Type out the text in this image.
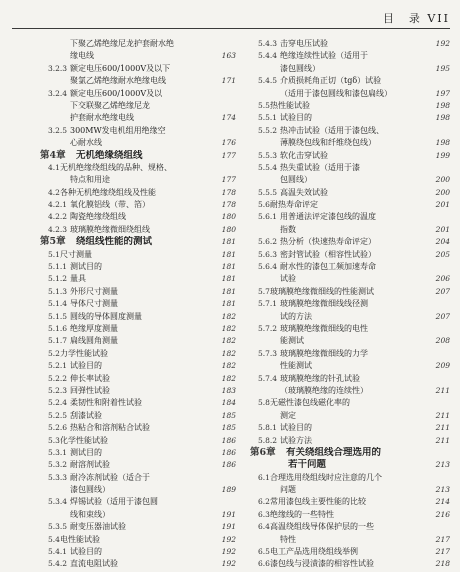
目　录 VII
下聚乙烯绝缘尼龙护套耐水绝
缘电线	163
3.2.3 额定电压600/1000V及以下
聚氯乙烯绝缘耐水绝缘电线	171
3.2.4 额定电压600/1000V及以
下交联聚乙烯绝缘尼龙
护套耐水绝缘电线	174
3.2.5 300MW发电机组用绝缘空
心耐水线	176
第4章 无机绝缘绕组线	177
4.1 无机绝缘绕组线的品种、规格、
特点和用途	177
4.2 各种无机绝缘绕组线及性能	178
4.2.1 氧化膜铝线（带、箔）	178
4.2.2 陶瓷绝缘绕组线	180
4.2.3 玻璃膜绝缘微细绕组线	180
第5章 绕组线性能的测试	181
5.1 尺寸测量	181
5.1.1 测试目的	181
5.1.2 量具	181
5.1.3 外形尺寸测量	181
5.1.4 导体尺寸测量	181
5.1.5 圆线的导体圆度测量	182
5.1.6 绝缘厚度测量	182
5.1.7 扁线圆角测量	182
5.2 力学性能试验	182
5.2.1 试验目的	182
5.2.2 伸长率试验	182
5.2.3 回弹性试验	183
5.2.4 柔韧性和附着性试验	184
5.2.5 刮漆试验	185
5.2.6 热粘合和溶剂粘合试验	185
5.3 化学性能试验	186
5.3.1 测试目的	186
5.3.2 耐溶剂试验	186
5.3.3 耐冷冻剂试验（适合于
漆包圆线）	189
5.3.4 焊锡试验（适用于漆包圆
线和束线）	191
5.3.5 耐变压器油试验	191
5.4 电性能试验	192
5.4.1 试验目的	192
5.4.2 直流电阻试验	192
5.4.3 击穿电压试验	192
5.4.4 绝缘连续性试验（适用于
漆包圆线）	195
5.4.5 介质损耗角正切（tgδ）试验
（适用于漆包圆线和漆包扁线）	197
5.5 热性能试验	198
5.5.1 试验目的	198
5.5.2 热冲击试验（适用于漆包线、
薄膜绕包线和纤维绕包线）	198
5.5.3 软化击穿试验	199
5.5.4 热失重试验（适用于漆
包圆线）	200
5.5.5 高温失效试验	200
5.6 耐热寿命评定	201
5.6.1 用普通法评定漆包线的温度
指数	201
5.6.2 热分析（快速热寿命评定）	204
5.6.3 密封管试验（相容性试验）	205
5.6.4 耐水性的漆包工频加速寿命
试验	206
5.7 玻璃膜绝缘微细线的性能测试	207
5.7.1 玻璃膜绝缘微细线线径测
试的方法	207
5.7.2 玻璃膜绝缘微细线的电性
能测试	208
5.7.3 玻璃膜绝缘微细线的力学
性能测试	209
5.7.4 玻璃膜绝缘的针孔试验
（玻璃膜绝缘的连续性）	211
5.8 无磁性漆包线磁化率的
测定	211
5.8.1 试验目的	211
5.8.2 试验方法	211
第6章 有关绕组线合理选用的
若干问题	213
6.1 合理选用绕组线时应注意的几个
问题	213
6.2 常用漆包线主要性能的比较	214
6.3 绝缘线的一些特性	216
6.4 高温绕组线导体保护层的一些
特性	217
6.5 电工产品选用绕组线举例	217
6.6 漆包线与浸渍漆的相容性试验	218
